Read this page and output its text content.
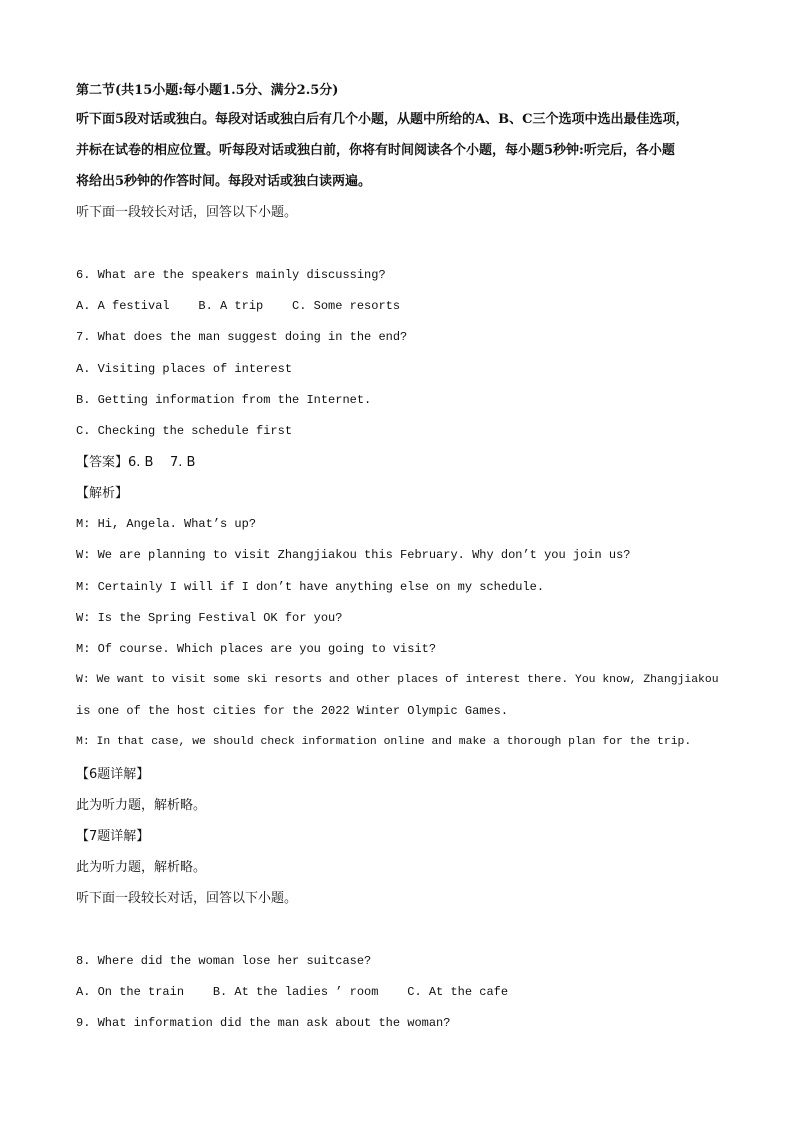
第二节(共15小题:每小题1.5分、满分2.5分)
听下面5段对话或独白。每段对话或独白后有几个小题，从题中所给的A、B、C三个选项中选出最佳选项，
并标在试卷的相应位置。听每段对话或独白前，你将有时间阅读各个小题，每小题5秒钟:听完后，各小题
将给出5秒钟的作答时间。每段对话或独白读两遍。
听下面一段较长对话，回答以下小题。
6. What are the speakers mainly discussing?
A. A festival    B. A trip    C. Some resorts
7. What does the man suggest doing in the end?
A. Visiting places of interest
B. Getting information from the Internet.
C. Checking the schedule first
【答案】6. B    7. B
【解析】
M: Hi, Angela. What’s up?
W: We are planning to visit Zhangjiakou this February. Why don’t you join us?
M: Certainly I will if I don’t have anything else on my schedule.
W: Is the Spring Festival OK for you?
M: Of course. Which places are you going to visit?
W: We want to visit some ski resorts and other places of interest there. You know, Zhangjiakou
is one of the host cities for the 2022 Winter Olympic Games.
M: In that case, we should check information online and make a thorough plan for the trip.
【6题详解】
此为听力题，解析略。
【7题详解】
此为听力题，解析略。
听下面一段较长对话，回答以下小题。
8. Where did the woman lose her suitcase?
A. On the train    B. At the ladies ’ room    C. At the cafe
9. What information did the man ask about the woman?
